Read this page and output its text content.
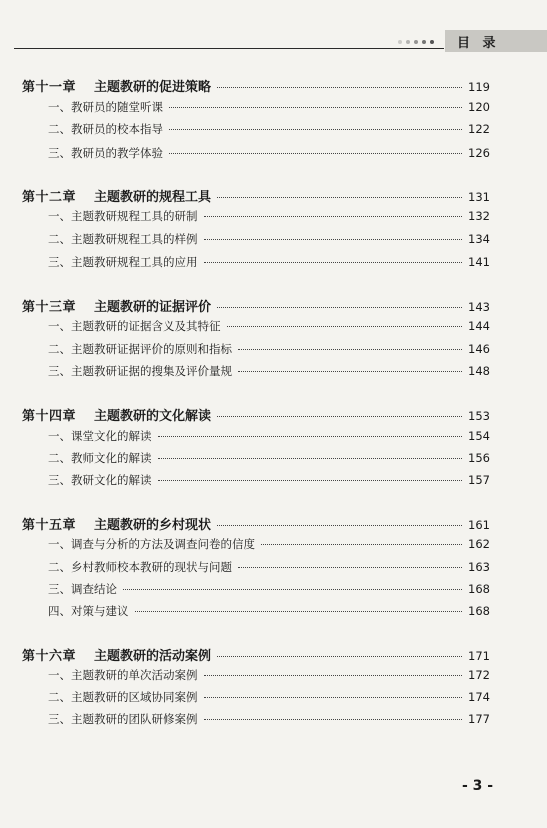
目 录
第十一章 主题教研的促进策略	119
一、教研员的随堂听课	120
二、教研员的校本指导	122
三、教研员的教学体验	126
第十二章 主题教研的规程工具	131
一、主题教研规程工具的研制	132
二、主题教研规程工具的样例	134
三、主题教研规程工具的应用	141
第十三章 主题教研的证据评价	143
一、主题教研的证据含义及其特征	144
二、主题教研证据评价的原则和指标	146
三、主题教研证据的搜集及评价量规	148
第十四章 主题教研的文化解读	153
一、课堂文化的解读	154
二、教师文化的解读	156
三、教研文化的解读	157
第十五章 主题教研的乡村现状	161
一、调查与分析的方法及调查问卷的信度	162
二、乡村教师校本教研的现状与问题	163
三、调查结论	168
四、对策与建议	168
第十六章 主题教研的活动案例	171
一、主题教研的单次活动案例	172
二、主题教研的区域协同案例	174
三、主题教研的团队研修案例	177
- 3 -
